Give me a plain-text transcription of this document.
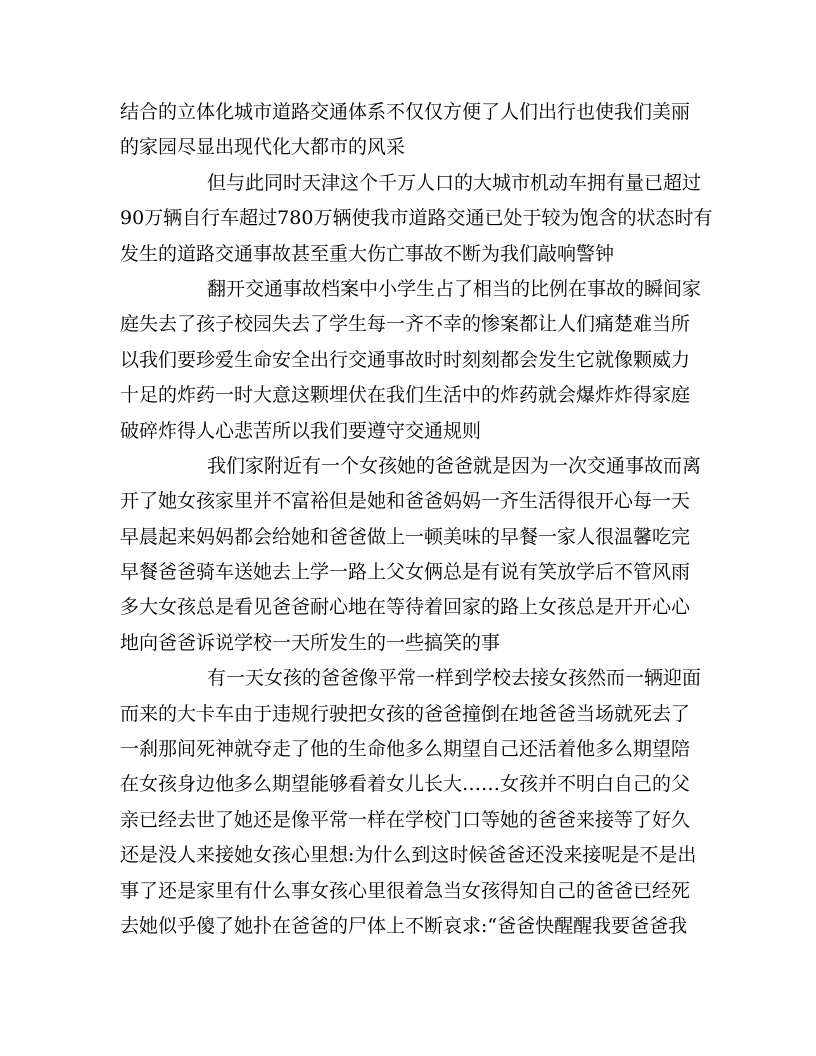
结合的立体化城市道路交通体系不仅仅方便了人们出行也使我们美丽
的家园尽显出现代化大都市的风采
但与此同时天津这个千万人口的大城市机动车拥有量已超过
90万辆自行车超过780万辆使我市道路交通已处于较为饱含的状态时有
发生的道路交通事故甚至重大伤亡事故不断为我们敲响警钟
翻开交通事故档案中小学生占了相当的比例在事故的瞬间家
庭失去了孩子校园失去了学生每一齐不幸的惨案都让人们痛楚难当所
以我们要珍爱生命安全出行交通事故时时刻刻都会发生它就像颗威力
十足的炸药一时大意这颗埋伏在我们生活中的炸药就会爆炸炸得家庭
破碎炸得人心悲苦所以我们要遵守交通规则
我们家附近有一个女孩她的爸爸就是因为一次交通事故而离
开了她女孩家里并不富裕但是她和爸爸妈妈一齐生活得很开心每一天
早晨起来妈妈都会给她和爸爸做上一顿美味的早餐一家人很温馨吃完
早餐爸爸骑车送她去上学一路上父女俩总是有说有笑放学后不管风雨
多大女孩总是看见爸爸耐心地在等待着回家的路上女孩总是开开心心
地向爸爸诉说学校一天所发生的一些搞笑的事
有一天女孩的爸爸像平常一样到学校去接女孩然而一辆迎面
而来的大卡车由于违规行驶把女孩的爸爸撞倒在地爸爸当场就死去了
一刹那间死神就夺走了他的生命他多么期望自己还活着他多么期望陪
在女孩身边他多么期望能够看着女儿长大……女孩并不明白自己的父
亲已经去世了她还是像平常一样在学校门口等她的爸爸来接等了好久
还是没人来接她女孩心里想:为什么到这时候爸爸还没来接呢是不是出
事了还是家里有什么事女孩心里很着急当女孩得知自己的爸爸已经死
去她似乎傻了她扑在爸爸的尸体上不断哀求:“爸爸快醒醒我要爸爸我
